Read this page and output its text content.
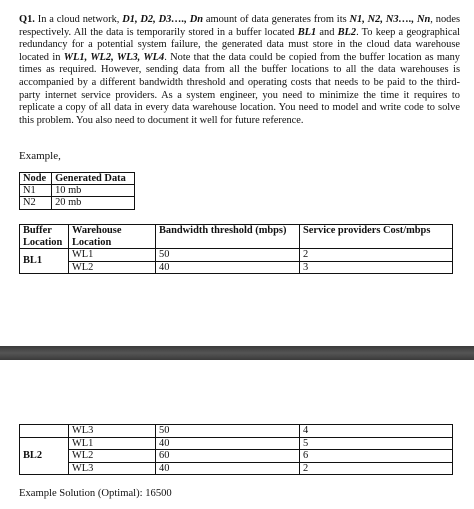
Q1. In a cloud network, D1, D2, D3…., Dn amount of data generates from its N1, N2, N3…., Nn, nodes respectively. All the data is temporarily stored in a buffer located BL1 and BL2. To keep a geographical redundancy for a potential system failure, the generated data must store in the cloud data warehouse located in WL1, WL2, WL3, WL4. Note that the data could be copied from the buffer location as many times as required. However, sending data from all the buffer locations to all the data warehouses is accompanied by a different bandwidth threshold and operating costs that needs to be paid to the third-party internet service providers. As a system engineer, you need to minimize the time it requires to replicate a copy of all data in every data warehouse location. You need to model and write code to solve this problem. You also need to document it well for future reference.
Example,
Node	Generated Data
N1	10 mb
N2	20 mb
Buffer Location	Warehouse Location	Bandwidth threshold (mbps)	Service providers Cost/mbps
BL1	WL1	50	2
	WL2	40	3
	WL3	50	4
BL2	WL1	40	5
	WL2	60	6
	WL3	40	2
Example Solution (Optimal): 16500
